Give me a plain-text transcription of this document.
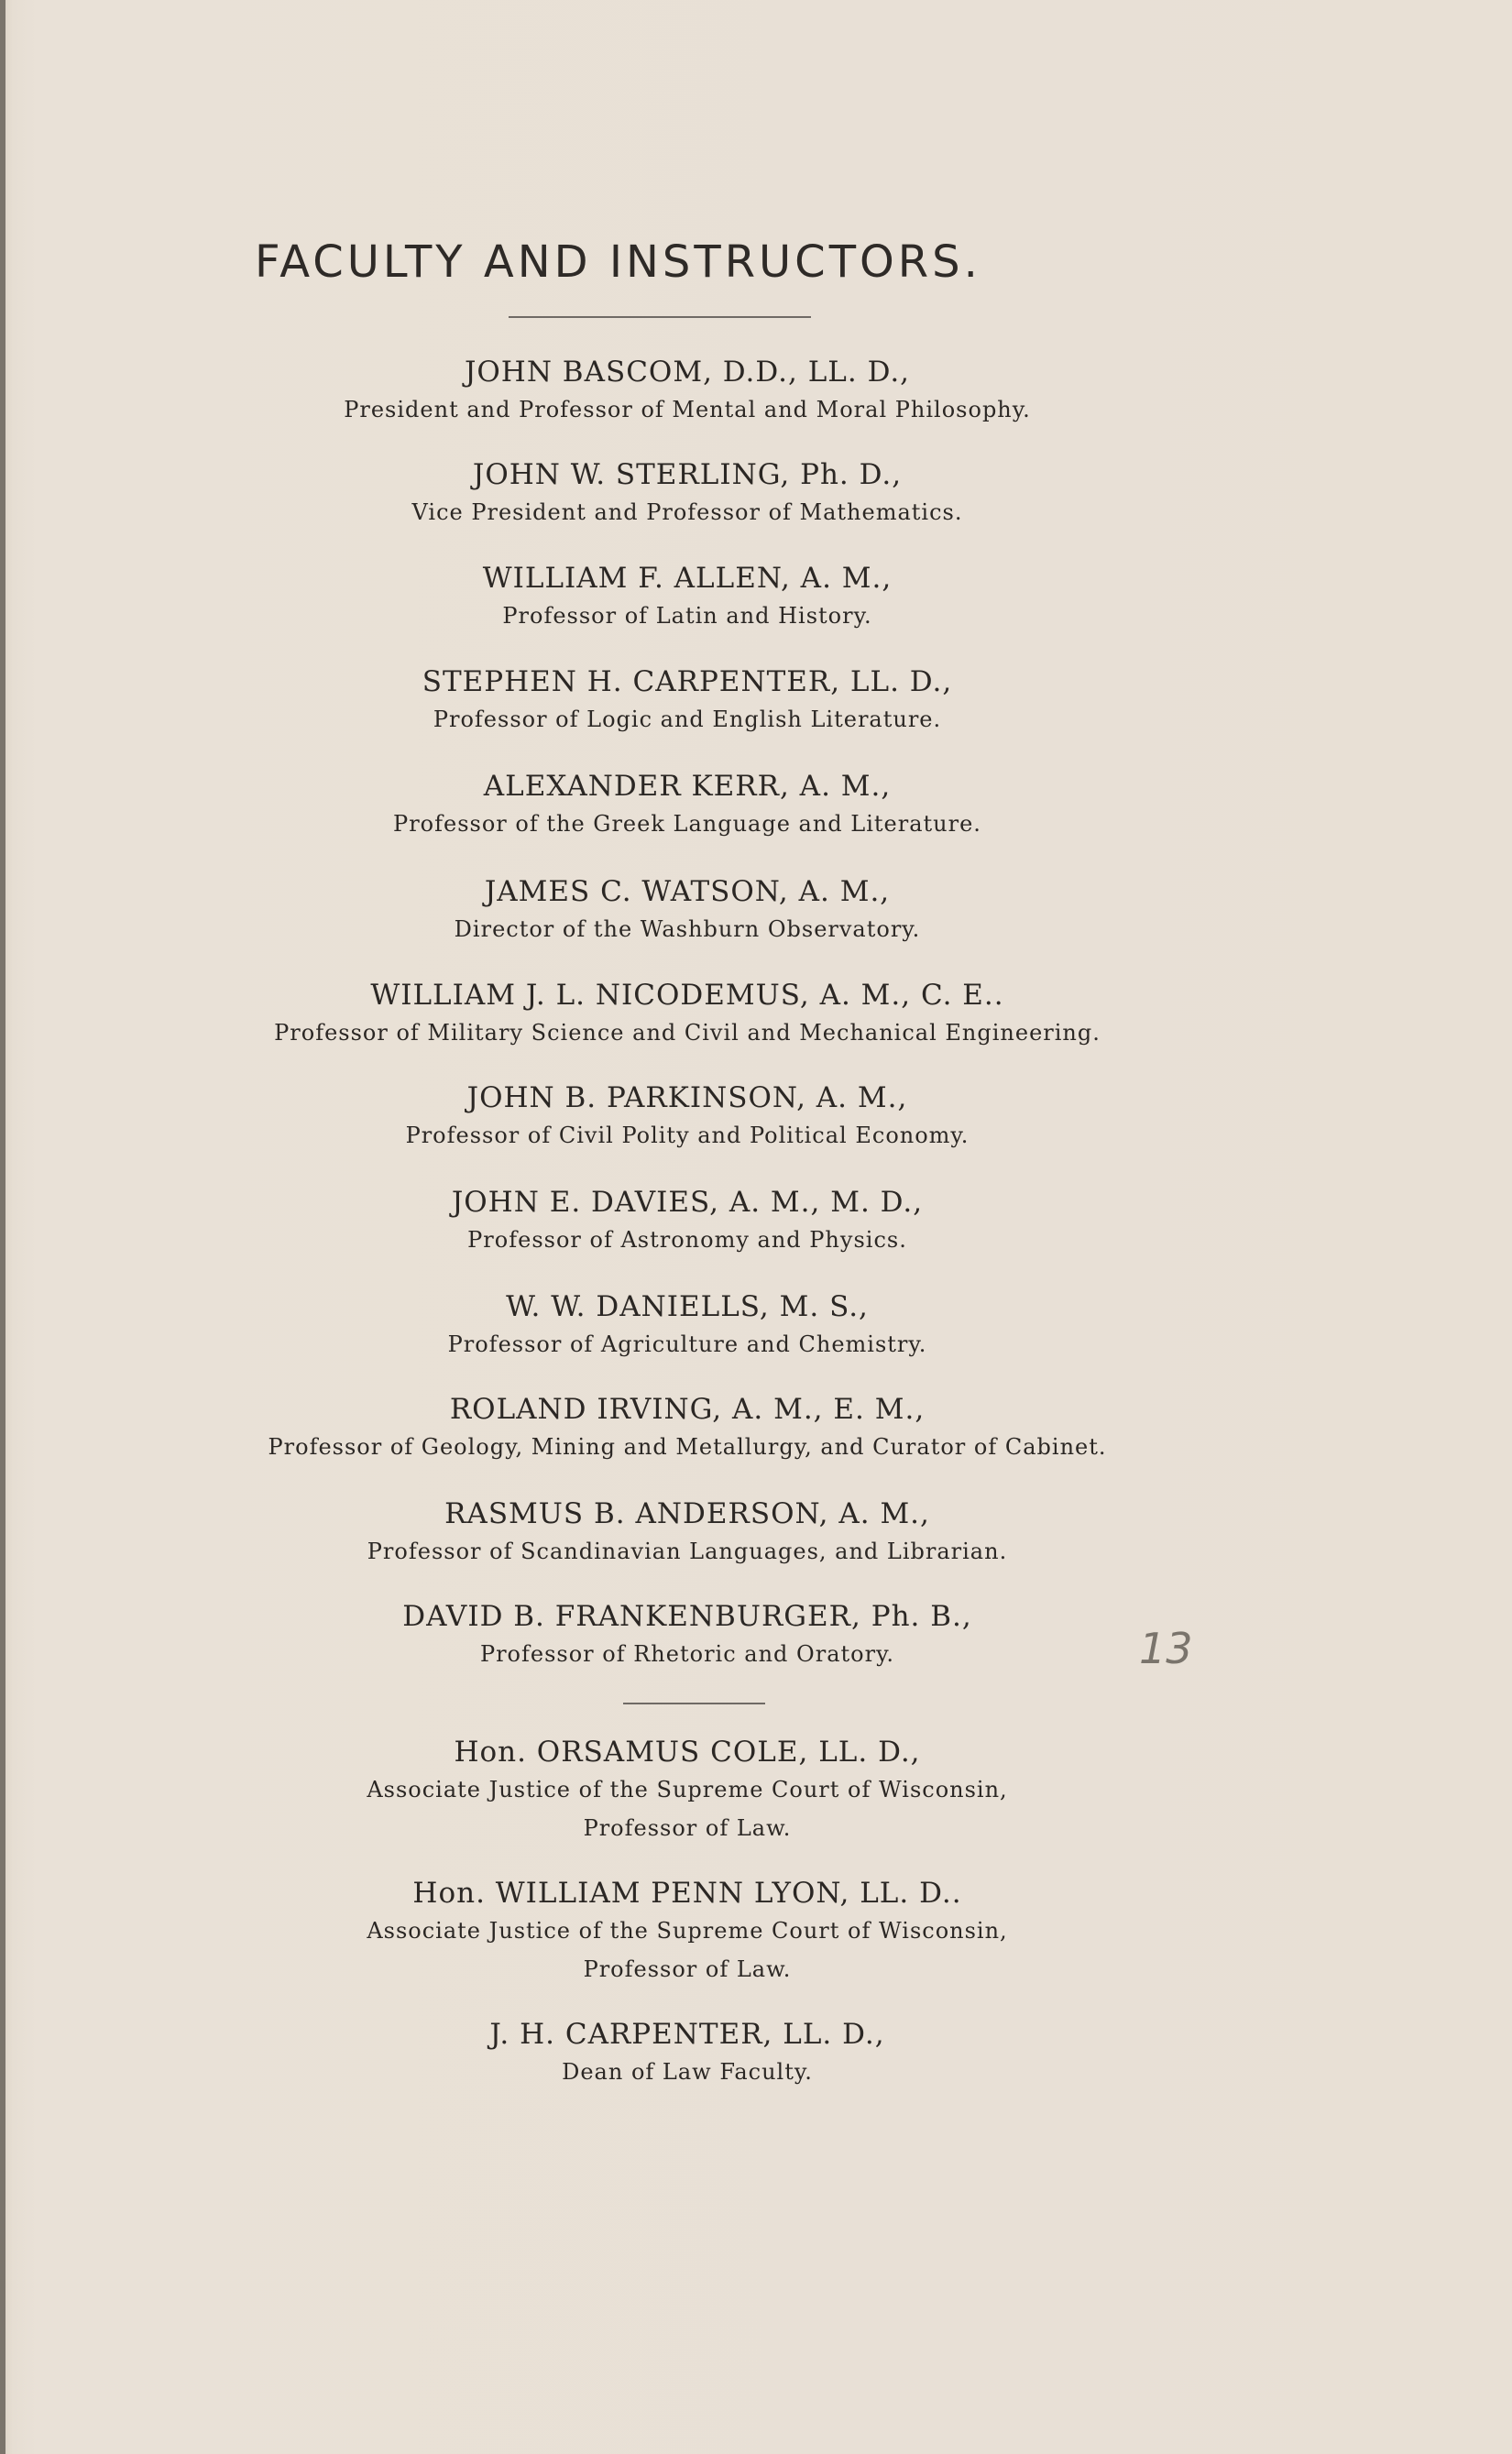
FACULTY AND INSTRUCTORS.
JOHN BASCOM, D.D., LL. D.,
President and Professor of Mental and Moral Philosophy.
JOHN W. STERLING, Ph. D.,
Vice President and Professor of Mathematics.
WILLIAM F. ALLEN, A. M.,
Professor of Latin and History.
STEPHEN H. CARPENTER, LL. D.,
Professor of Logic and English Literature.
ALEXANDER KERR, A. M.,
Professor of the Greek Language and Literature.
JAMES C. WATSON, A. M.,
Director of the Washburn Observatory.
WILLIAM J. L. NICODEMUS, A. M., C. E..
Professor of Military Science and Civil and Mechanical Engineering.
JOHN B. PARKINSON, A. M.,
Professor of Civil Polity and Political Economy.
JOHN E. DAVIES, A. M., M. D.,
Professor of Astronomy and Physics.
W. W. DANIELLS, M. S.,
Professor of Agriculture and Chemistry.
ROLAND IRVING, A. M., E. M.,
Professor of Geology, Mining and Metallurgy, and Curator of Cabinet.
RASMUS B. ANDERSON, A. M.,
Professor of Scandinavian Languages, and Librarian.
DAVID B. FRANKENBURGER, Ph. B.,
Professor of Rhetoric and Oratory.	13
Hon. ORSAMUS COLE, LL. D.,
Associate Justice of the Supreme Court of Wisconsin,
Professor of Law.
Hon. WILLIAM PENN LYON, LL. D..
Associate Justice of the Supreme Court of Wisconsin,
Professor of Law.
J. H. CARPENTER, LL. D.,
Dean of Law Faculty.
